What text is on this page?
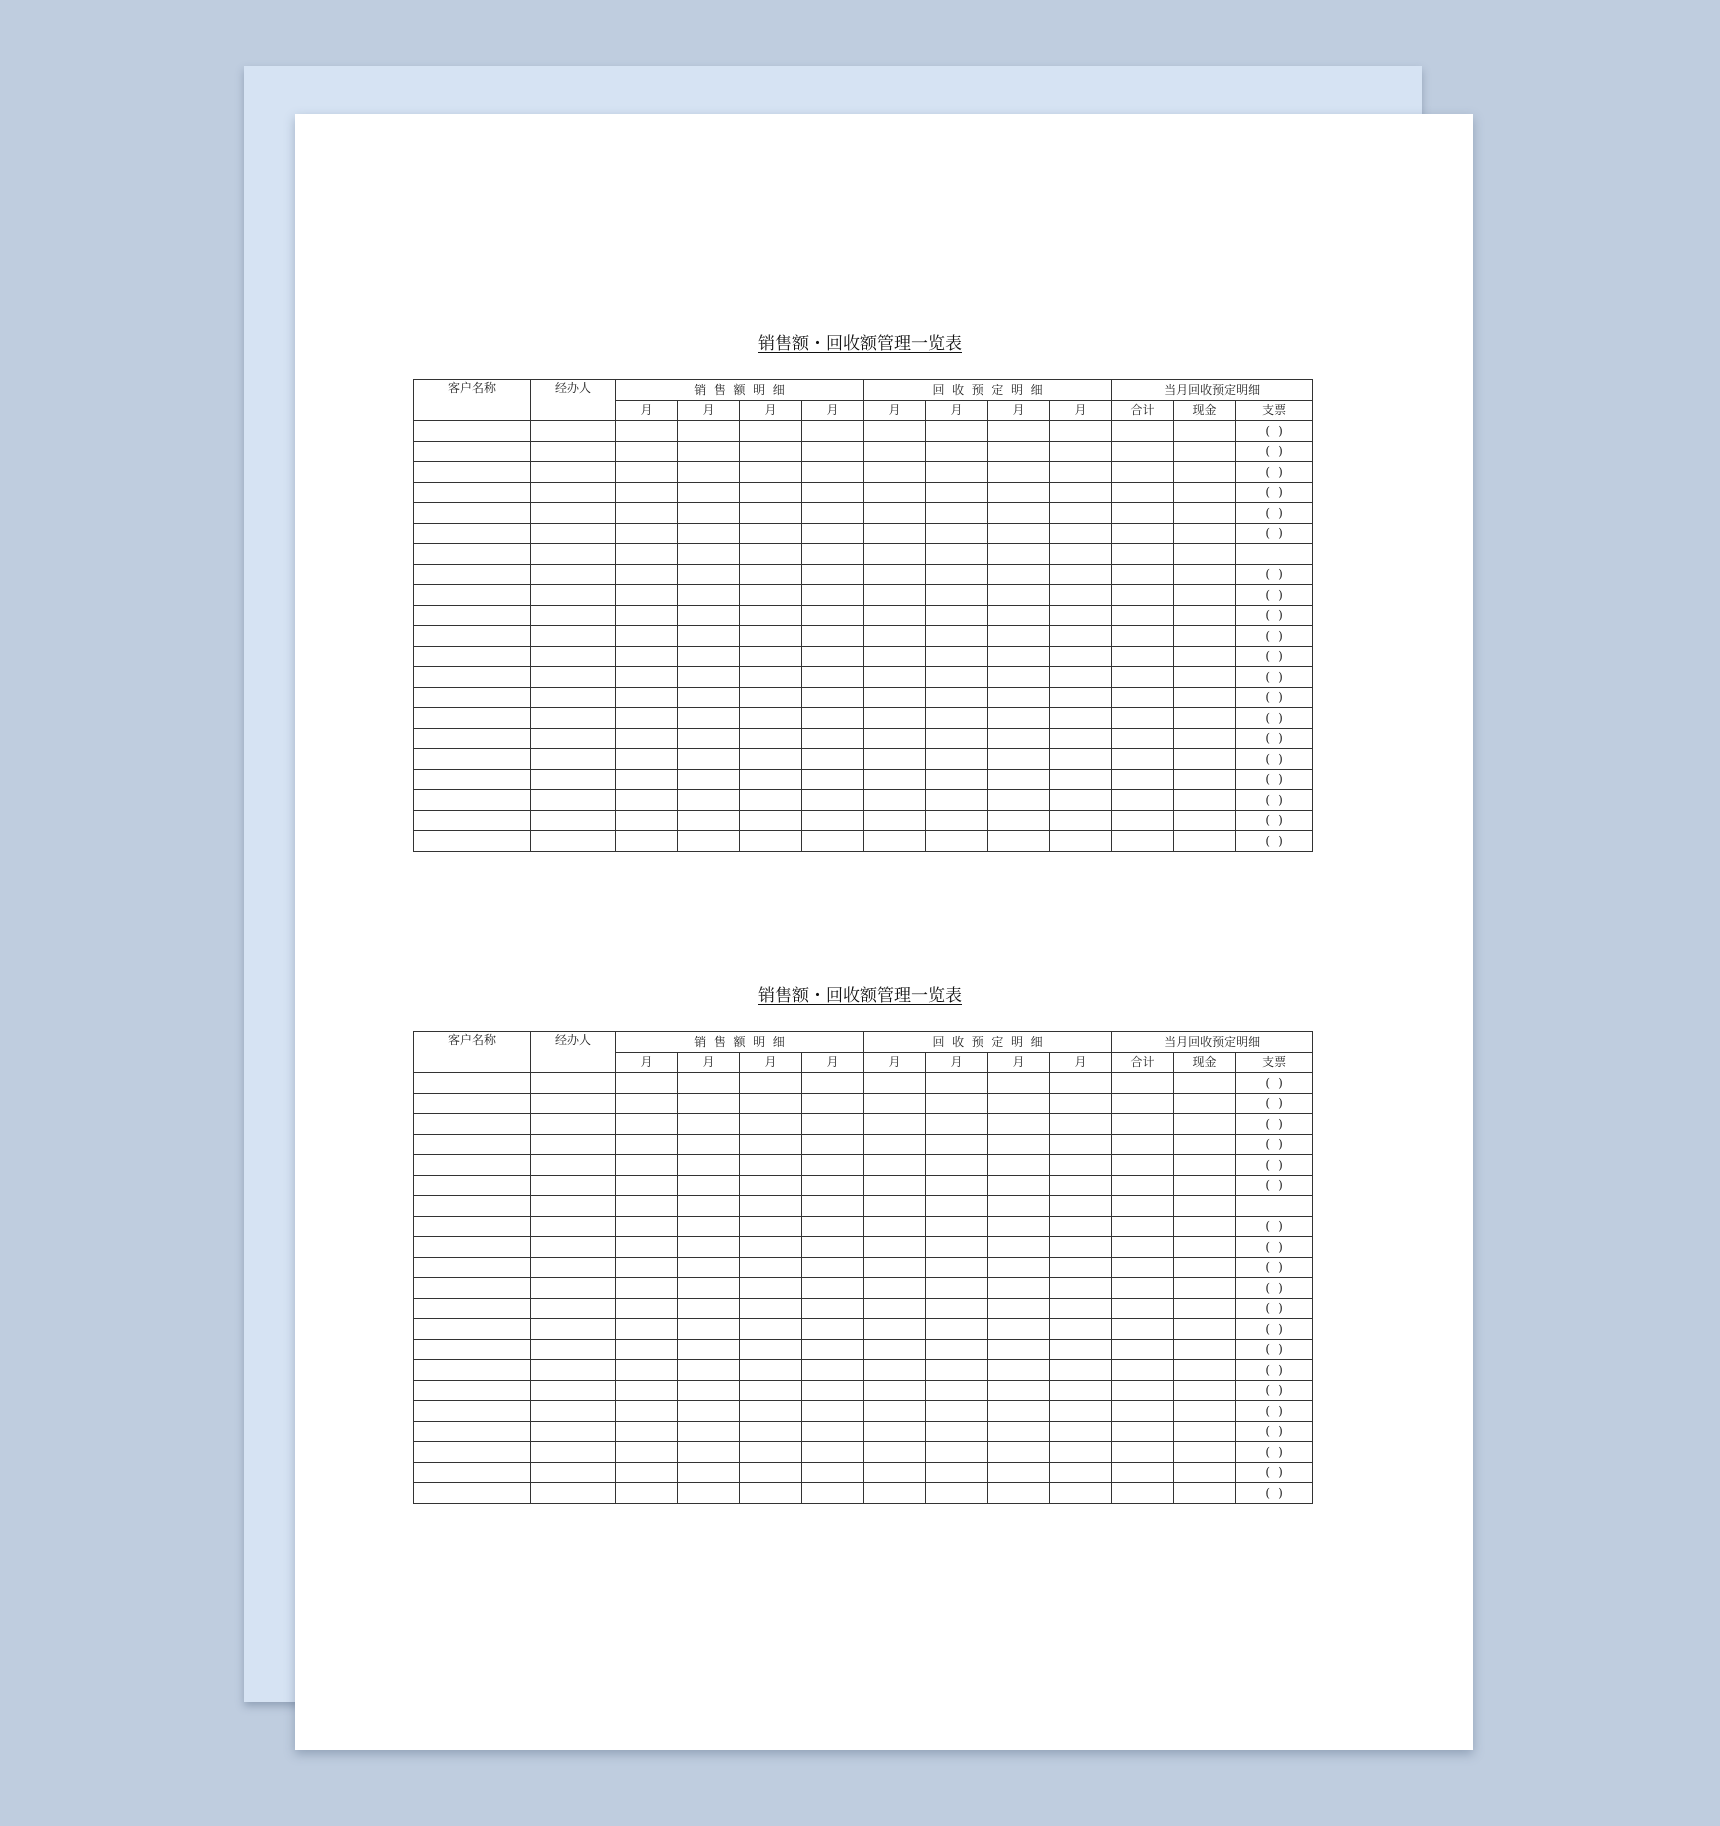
销售额・回收额管理一览表
客户名称	经办人	销  售  额  明  细				回  收  预  定  明  细				当月回收预定明细		
		月	月	月	月	月	月	月	月	合计	现金	支票
												()
												()
												()
												()
												()
												()

												()
												()
												()
												()
												()
												()
												()
												()
												()
												()
												()
												()
												()
												()
销售额・回收额管理一览表
客户名称	经办人	销  售  额  明  细				回  收  预  定  明  细				当月回收预定明细		
		月	月	月	月	月	月	月	月	合计	现金	支票
												()
												()
												()
												()
												()
												()

												()
												()
												()
												()
												()
												()
												()
												()
												()
												()
												()
												()
												()
												()
